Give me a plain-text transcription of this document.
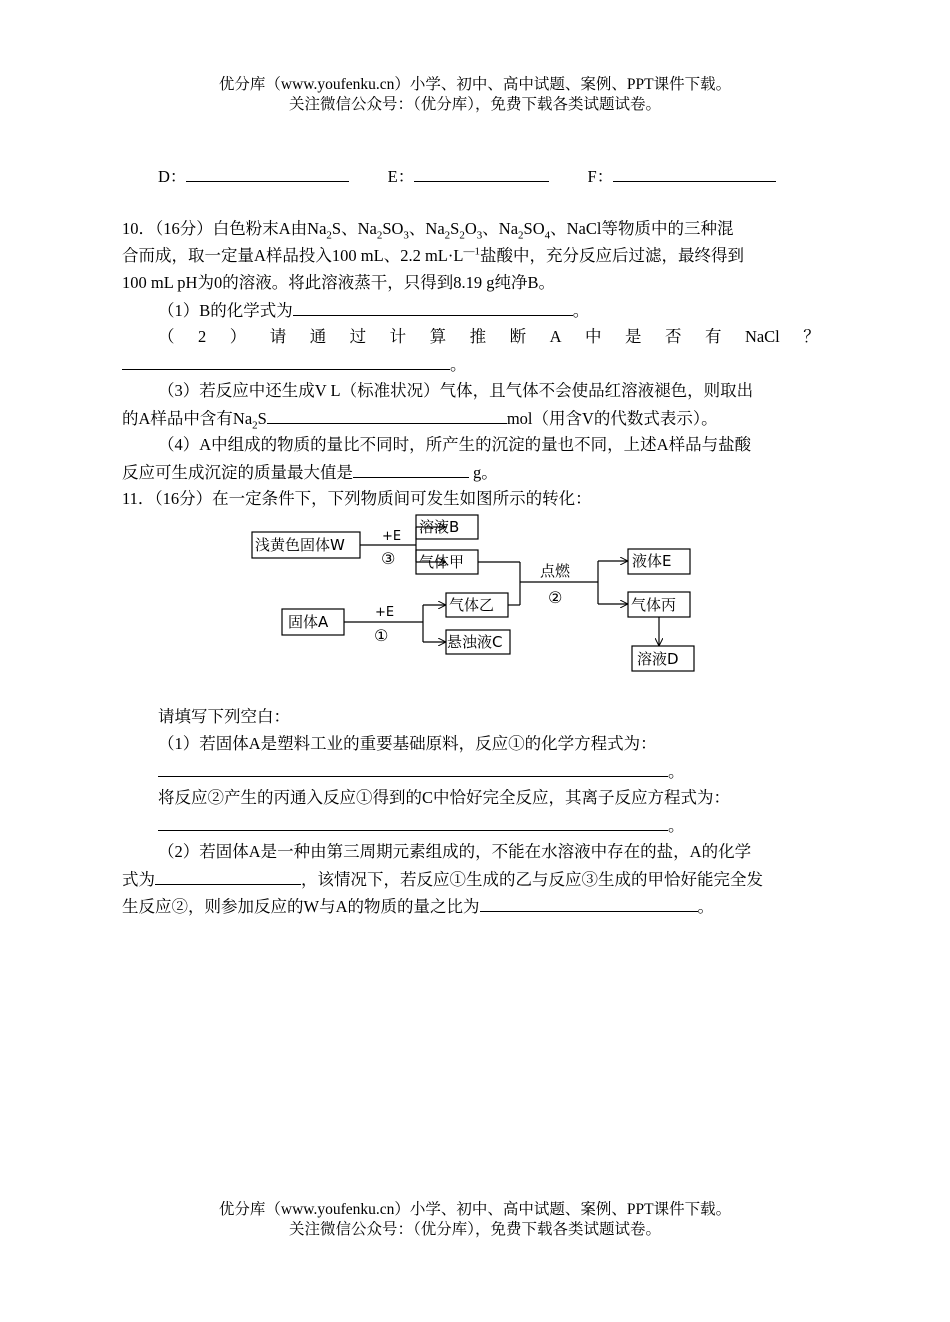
优分库（www.youfenku.cn）小学、初中、高中试题、案例、PPT课件下载。
关注微信公众号：（优分库），免费下载各类试题试卷。
D：	E：	F：
10．（16分）白色粉末A由$Na_2S$、$Na_2SO_3$、$Na_2S_2O_3$、$Na_2SO_4$、NaCl等物质中的三种混
合而成，取一定量A样品投入100 mL、2.2 $mL\cdot L^{—1}$盐酸中，充分反应后过滤，最终得到
100 mL pH为0的溶液。将此溶液蒸干，只得到8.19 g纯净B。
（1）B的化学式为	。
（ 2 ） 请 通 过 计 算 推 断 A 中 是 否 有 NaCl ？
。
（3）若反应中还生成V L（标准状况）气体，且气体不会使品红溶液褪色，则取出
的A样品中含有$Na_2S$	mol（用含V的代数式表示）。
（4）A中组成的物质的量比不同时，所产生的沉淀的量也不同，上述A样品与盐酸
反应可生成沉淀的质量最大值是	g。
11．（16分）在一定条件下，下列物质间可发生如图所示的转化：
浅黄色固体W
溶液B
气体甲
固体A
气体乙
悬浊液C
液体E
气体丙
溶液D
+E
③
+E
①
点燃
②
请填写下列空白：
（1）若固体A是塑料工业的重要基础原料，反应①的化学方程式为：
。
将反应②产生的丙通入反应①得到的C中恰好完全反应，其离子反应方程式为：
。
（2）若固体A是一种由第三周期元素组成的，不能在水溶液中存在的盐，A的化学
式为	，该情况下，若反应①生成的乙与反应③生成的甲恰好能完全发
生反应②，则参加反应的W与A的物质的量之比为	。
优分库（www.youfenku.cn）小学、初中、高中试题、案例、PPT课件下载。
关注微信公众号：（优分库），免费下载各类试题试卷。
